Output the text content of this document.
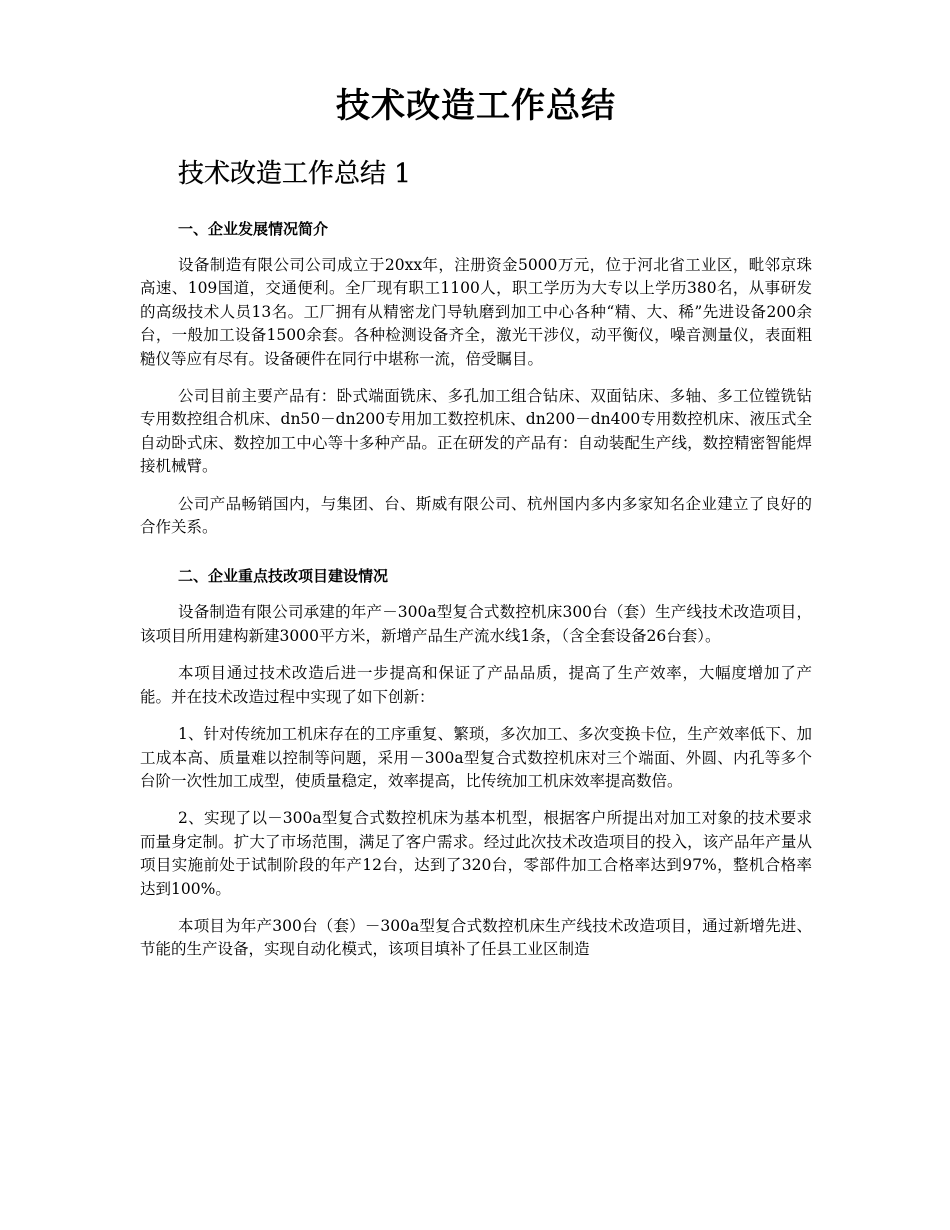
技术改造工作总结
技术改造工作总结 1
一、企业发展情况简介

设备制造有限公司公司成立于20xx年，注册资金5000万元，位于河北省工业区，毗邻京珠高速、109国道，交通便利。全厂现有职工1100人，职工学历为大专以上学历380名，从事研发的高级技术人员13名。工厂拥有从精密龙门导轨磨到加工中心各种“精、大、稀”先进设备200余台，一般加工设备1500余套。各种检测设备齐全，激光干涉仪，动平衡仪，噪音测量仪，表面粗糙仪等应有尽有。设备硬件在同行中堪称一流，倍受瞩目。

公司目前主要产品有：卧式端面铣床、多孔加工组合钻床、双面钻床、多轴、多工位镗铣钻专用数控组合机床、dn50－dn200专用加工数控机床、dn200－dn400专用数控机床、液压式全自动卧式床、数控加工中心等十多种产品。正在研发的产品有：自动装配生产线，数控精密智能焊接机械臂。

公司产品畅销国内，与集团、台、斯威有限公司、杭州国内多内多家知名企业建立了良好的合作关系。

二、企业重点技改项目建设情况

设备制造有限公司承建的年产－300a型复合式数控机床300台（套）生产线技术改造项目，该项目所用建构新建3000平方米，新增产品生产流水线1条，（含全套设备26台套）。

本项目通过技术改造后进一步提高和保证了产品品质，提高了生产效率，大幅度增加了产能。并在技术改造过程中实现了如下创新：

1、针对传统加工机床存在的工序重复、繁琐，多次加工、多次变换卡位，生产效率低下、加工成本高、质量难以控制等问题，采用－300a型复合式数控机床对三个端面、外圆、内孔等多个台阶一次性加工成型，使质量稳定，效率提高，比传统加工机床效率提高数倍。

2、实现了以－300a型复合式数控机床为基本机型，根据客户所提出对加工对象的技术要求而量身定制。扩大了市场范围，满足了客户需求。经过此次技术改造项目的投入，该产品年产量从项目实施前处于试制阶段的年产12台，达到了320台，零部件加工合格率达到97%，整机合格率达到100%。

本项目为年产300台（套）－300a型复合式数控机床生产线技术改造项目，通过新增先进、节能的生产设备，实现自动化模式，该项目填补了任县工业区制造
